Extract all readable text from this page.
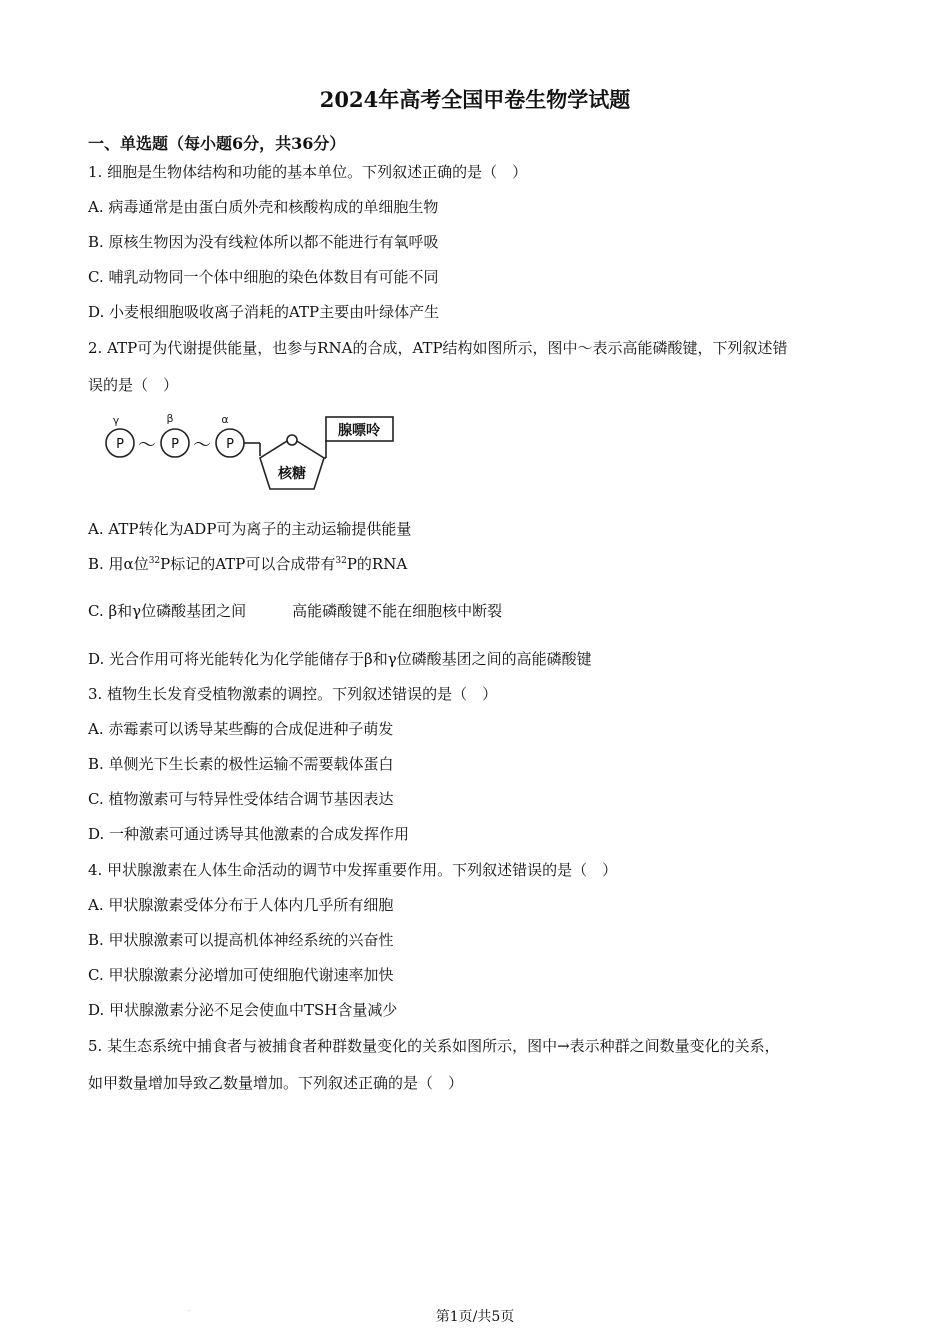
2024年高考全国甲卷生物学试题
一、单选题（每小题6分，共36分）
1. 细胞是生物体结构和功能的基本单位。下列叙述正确的是（　）
A. 病毒通常是由蛋白质外壳和核酸构成的单细胞生物
B. 原核生物因为没有线粒体所以都不能进行有氧呼吸
C. 哺乳动物同一个体中细胞的染色体数目有可能不同
D. 小麦根细胞吸收离子消耗的ATP主要由叶绿体产生
2. ATP可为代谢提供能量，也参与RNA的合成，ATP结构如图所示，图中～表示高能磷酸键，下列叙述错
误的是（　）
γ	β	α
P	P	P
～ ～
核糖
腺嘌呤
A. ATP转化为ADP可为离子的主动运输提供能量
B. 用α位$^{32}$P标记的ATP可以合成带有$^{32}$P的RNA
C. β和γ位磷酸基团之间	高能磷酸键不能在细胞核中断裂
D. 光合作用可将光能转化为化学能储存于β和γ位磷酸基团之间的高能磷酸键
3. 植物生长发育受植物激素的调控。下列叙述错误的是（　）
A. 赤霉素可以诱导某些酶的合成促进种子萌发
B. 单侧光下生长素的极性运输不需要载体蛋白
C. 植物激素可与特异性受体结合调节基因表达
D. 一种激素可通过诱导其他激素的合成发挥作用
4. 甲状腺激素在人体生命活动的调节中发挥重要作用。下列叙述错误的是（　）
A. 甲状腺激素受体分布于人体内几乎所有细胞
B. 甲状腺激素可以提高机体神经系统的兴奋性
C. 甲状腺激素分泌增加可使细胞代谢速率加快
D. 甲状腺激素分泌不足会使血中TSH含量减少
5. 某生态系统中捕食者与被捕食者种群数量变化的关系如图所示，图中→表示种群之间数量变化的关系，
如甲数量增加导致乙数量增加。下列叙述正确的是（　）
.	第1页/共5页
